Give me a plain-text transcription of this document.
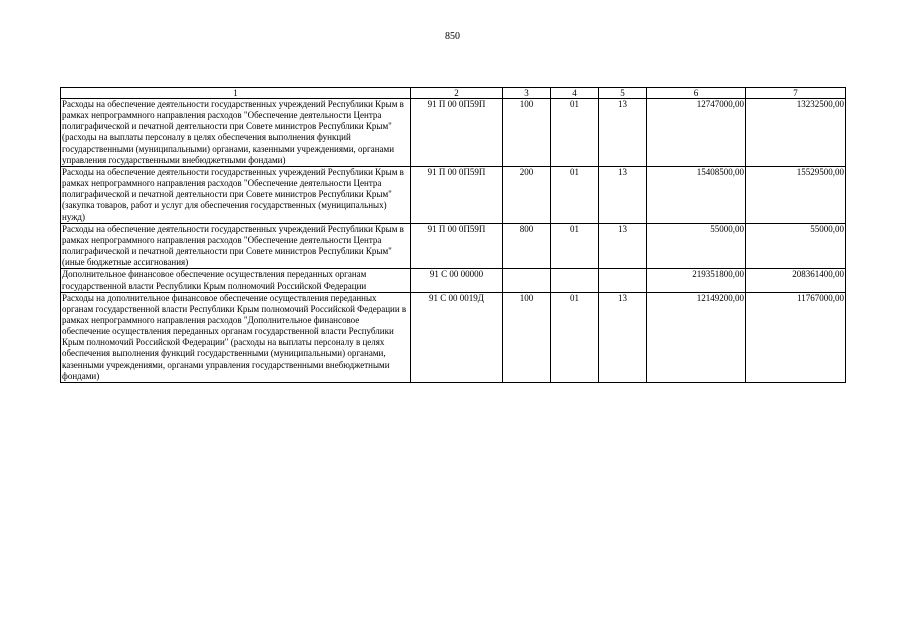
850
1	2	3	4	5	6	7
Расходы на обеспечение деятельности государственных учреждений Республики Крым в рамках непрограммного направления расходов "Обеспечение деятельности Центра полиграфической и печатной деятельности при Совете министров Республики Крым" (расходы на выплаты персоналу в целях обеспечения выполнения функций государственными (муниципальными) органами, казенными учреждениями, органами управления государственными внебюджетными фондами)	91 П 00 0П59П	100	01	13	12747000,00	13232500,00
Расходы на обеспечение деятельности государственных учреждений Республики Крым в рамках непрограммного направления расходов "Обеспечение деятельности Центра полиграфической и печатной деятельности при Совете министров Республики Крым" (закупка товаров, работ и услуг для обеспечения государственных (муниципальных) нужд)	91 П 00 0П59П	200	01	13	15408500,00	15529500,00
Расходы на обеспечение деятельности государственных учреждений Республики Крым в рамках непрограммного направления расходов "Обеспечение деятельности Центра полиграфической и печатной деятельности при Совете министров Республики Крым" (иные бюджетные ассигнования)	91 П 00 0П59П	800	01	13	55000,00	55000,00
Дополнительное финансовое обеспечение осуществления переданных органам государственной власти Республики Крым полномочий Российской Федерации	91 С 00 00000				219351800,00	208361400,00
Расходы на дополнительное финансовое обеспечение осуществления переданных органам государственной власти Республики Крым полномочий Российской Федерации в рамках непрограммного направления расходов "Дополнительное финансовое обеспечение осуществления переданных органам государственной власти Республики Крым полномочий Российской Федерации" (расходы на выплаты персоналу в целях обеспечения выполнения функций государственными (муниципальными) органами, казенными учреждениями, органами управления государственными внебюджетными фондами)	91 С 00 0019Д	100	01	13	12149200,00	11767000,00
